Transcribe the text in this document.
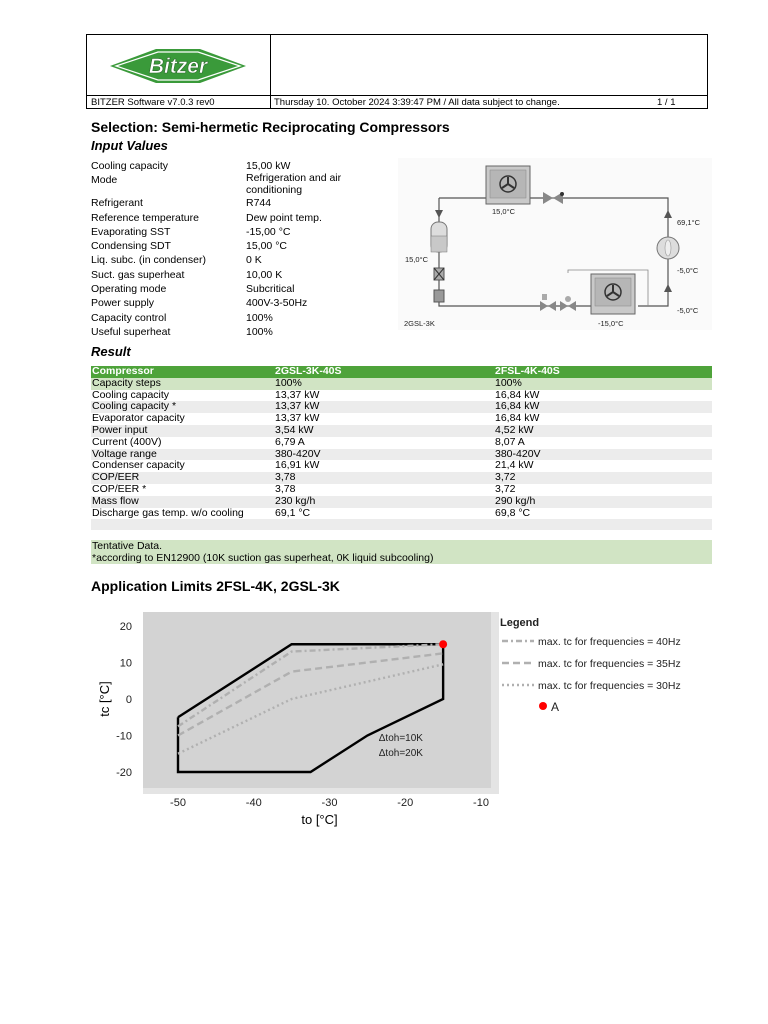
Bitzer
BITZER Software v7.0.3 rev0	Thursday 10. October 2024 3:39:47 PM / All data subject to change.	1 / 1
Selection: Semi-hermetic Reciprocating Compressors
Input Values
Cooling capacity	15,00 kW
Mode	Refrigeration and air conditioning
Refrigerant	R744
Reference temperature	Dew point temp.
Evaporating SST	-15,00 °C
Condensing SDT	15,00 °C
Liq. subc. (in condenser)	0 K
Suct. gas superheat	10,00 K
Operating mode	Subcritical
Power supply	400V-3-50Hz
Capacity control	100%
Useful superheat	100%
15,0°C
69,1°C
15,0°C
-5,0°C
-5,0°C
-15,0°C
2GSL-3K
Result
Compressor	2GSL-3K-40S	2FSL-4K-40S
Capacity steps	100%	100%
Cooling capacity	13,37 kW	16,84 kW
Cooling capacity *	13,37 kW	16,84 kW
Evaporator capacity	13,37 kW	16,84 kW
Power input	3,54 kW	4,52 kW
Current (400V)	6,79 A	8,07 A
Voltage range	380-420V	380-420V
Condenser capacity	16,91 kW	21,4 kW
COP/EER	3,78	3,72
COP/EER *	3,78	3,72
Mass flow	230 kg/h	290 kg/h
Discharge gas temp. w/o cooling	69,1 °C	69,8 °C

Tentative Data.
*according to EN12900 (10K suction gas superheat, 0K liquid subcooling)
Application Limits 2FSL-4K, 2GSL-3K
-50	-40	-30	-20	-10
20
10
0
-10
-20
to [°C]
tc [°C]
Δtoh=10K
Δtoh=20K
Legend
max. tc for frequencies = 40Hz
max. tc for frequencies = 35Hz
max. tc for frequencies = 30Hz
A
